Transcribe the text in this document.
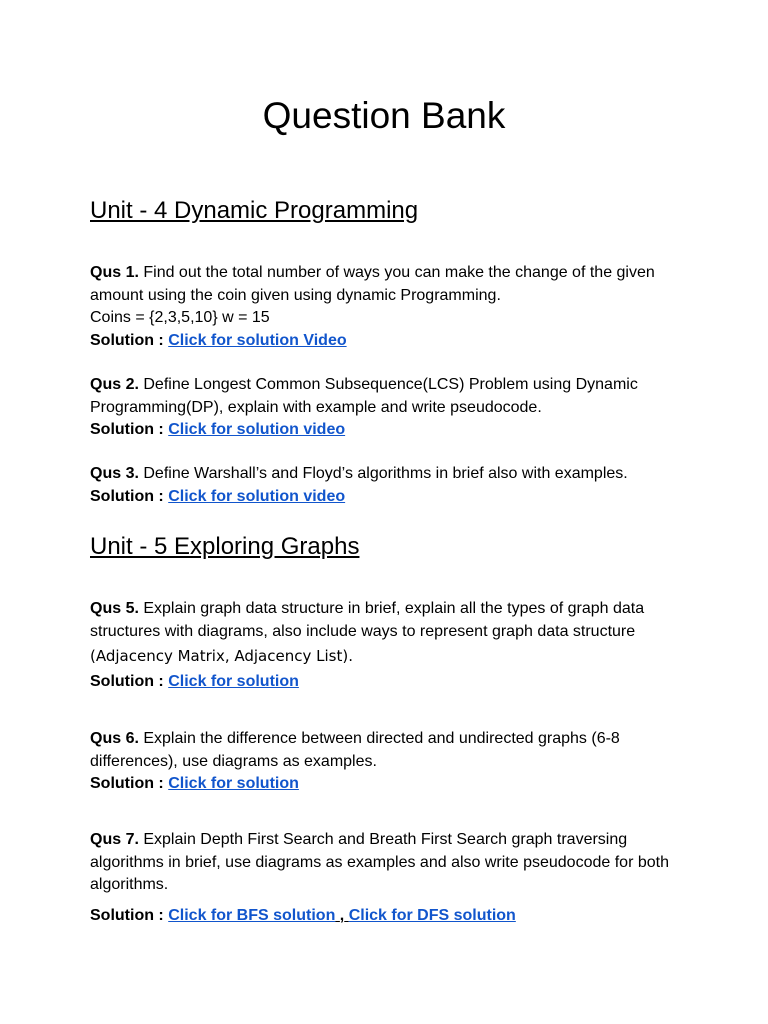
Question Bank
Unit - 4 Dynamic Programming

Qus 1. Find out the total number of ways you can make the change of the given amount using the coin given using dynamic Programming.

Coins = {2,3,5,10} w = 15

Solution : Click for solution Video

Qus 2. Define Longest Common Subsequence(LCS) Problem using Dynamic Programming(DP), explain with example and write pseudocode.

Solution : Click for solution video

Qus 3. Define Warshall’s and Floyd’s algorithms in brief also with examples.

Solution : Click for solution video

Unit - 5 Exploring Graphs

Qus 5. Explain graph data structure in brief, explain all the types of graph data structures with diagrams, also include ways to represent graph data structure

(Adjacency Matrix, Adjacency List).

Solution : Click for solution

Qus 6. Explain the difference between directed and undirected graphs (6-8 differences), use diagrams as examples.

Solution : Click for solution

Qus 7. Explain Depth First Search and Breath First Search graph traversing algorithms in brief, use diagrams as examples and also write pseudocode for both algorithms.

Solution : Click for BFS solution , Click for DFS solution
